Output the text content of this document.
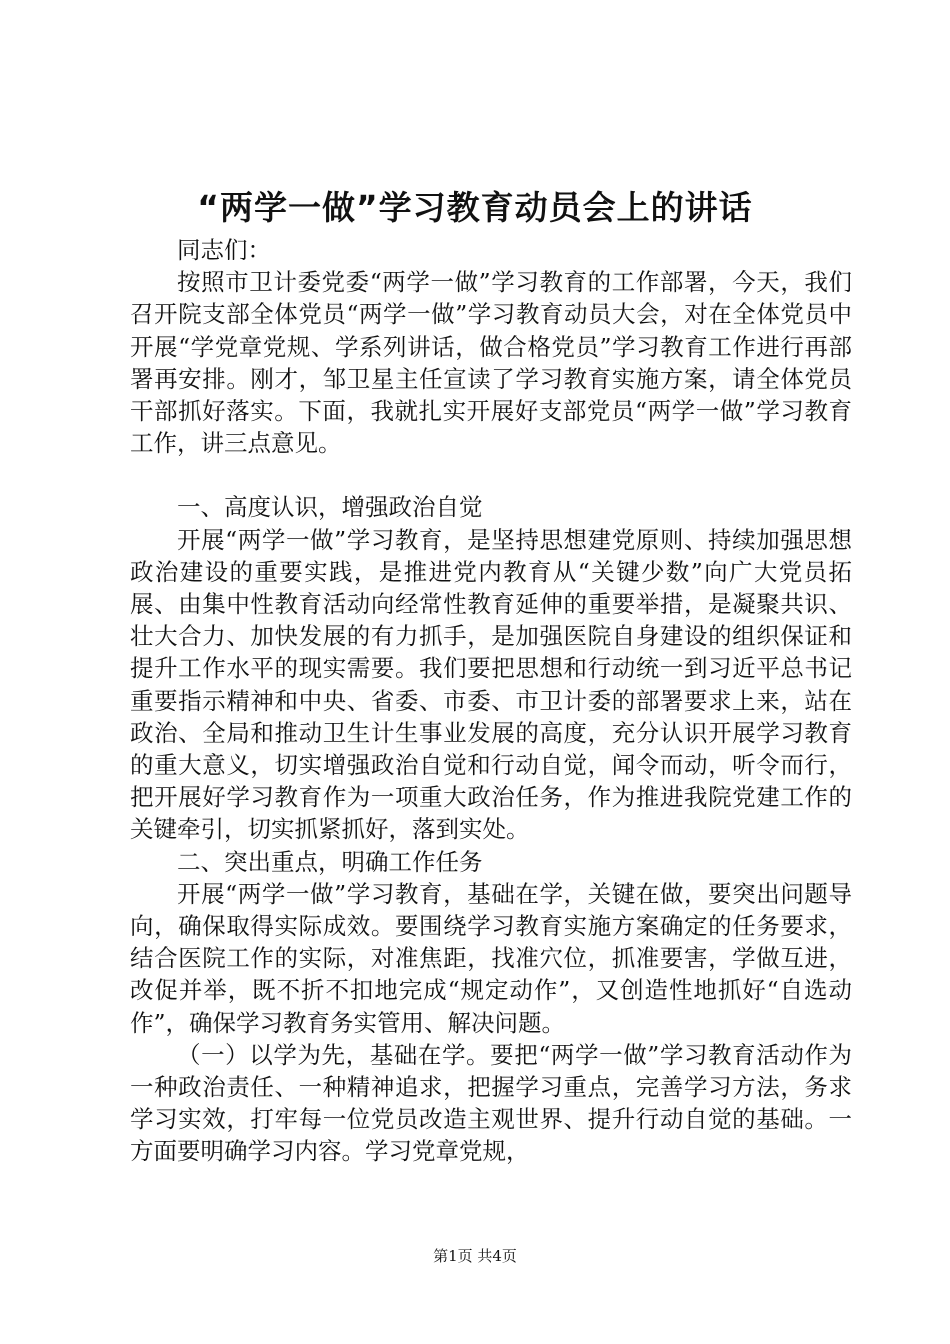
“两学一做”学习教育动员会上的讲话

同志们：

按照市卫计委党委“两学一做”学习教育的工作部署，今天，我们召开院支部全体党员“两学一做”学习教育动员大会，对在全体党员中开展“学党章党规、学系列讲话，做合格党员”学习教育工作进行再部署再安排。刚才，邹卫星主任宣读了学习教育实施方案，请全体党员干部抓好落实。下面，我就扎实开展好支部党员“两学一做”学习教育工作，讲三点意见。

一、高度认识，增强政治自觉

开展“两学一做”学习教育，是坚持思想建党原则、持续加强思想政治建设的重要实践，是推进党内教育从“关键少数”向广大党员拓展、由集中性教育活动向经常性教育延伸的重要举措，是凝聚共识、壮大合力、加快发展的有力抓手，是加强医院自身建设的组织保证和提升工作水平的现实需要。我们要把思想和行动统一到习近平总书记重要指示精神和中央、省委、市委、市卫计委的部署要求上来，站在政治、全局和推动卫生计生事业发展的高度，充分认识开展学习教育的重大意义，切实增强政治自觉和行动自觉，闻令而动，听令而行，把开展好学习教育作为一项重大政治任务，作为推进我院党建工作的关键牵引，切实抓紧抓好，落到实处。

二、突出重点，明确工作任务

开展“两学一做”学习教育，基础在学，关键在做，要突出问题导向，确保取得实际成效。要围绕学习教育实施方案确定的任务要求，结合医院工作的实际，对准焦距，找准穴位，抓准要害，学做互进，改促并举，既不折不扣地完成“规定动作”，又创造性地抓好“自选动作”，确保学习教育务实管用、解决问题。

（一）以学为先，基础在学。要把“两学一做”学习教育活动作为一种政治责任、一种精神追求，把握学习重点，完善学习方法，务求学习实效，打牢每一位党员改造主观世界、提升行动自觉的基础。一方面要明确学习内容。学习党章党规，

第1页 共4页
